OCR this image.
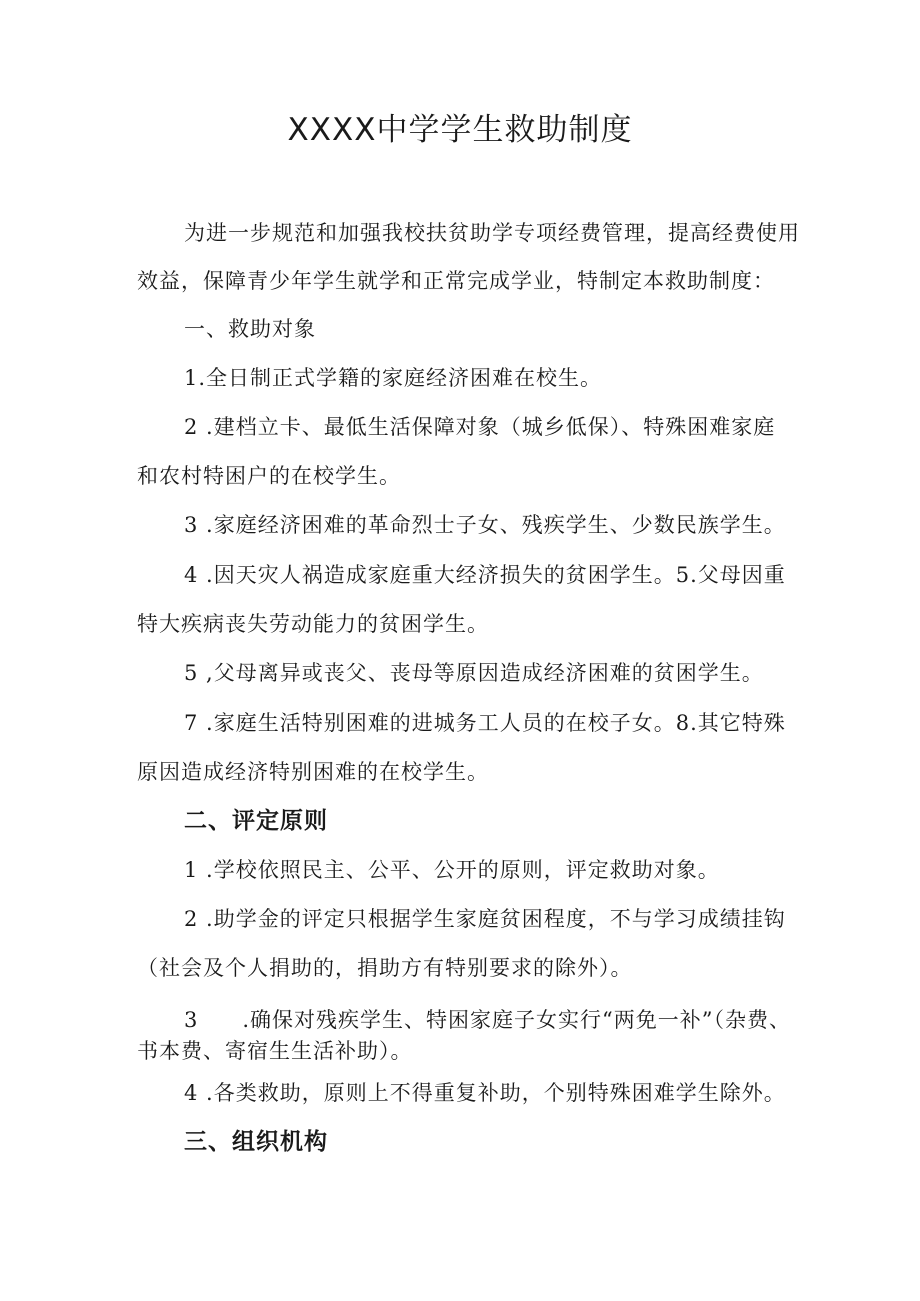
XXXX中学学生救助制度
为进一步规范和加强我校扶贫助学专项经费管理，提高经费使用
效益，保障青少年学生就学和正常完成学业，特制定本救助制度：
一、救助对象
1.全日制正式学籍的家庭经济困难在校生。
2 .建档立卡、最低生活保障对象（城乡低保）、特殊困难家庭
和农村特困户的在校学生。
3 .家庭经济困难的革命烈士子女、残疾学生、少数民族学生。
4 .因天灾人祸造成家庭重大经济损失的贫困学生。5.父母因重
特大疾病丧失劳动能力的贫困学生。
5 ,父母离异或丧父、丧母等原因造成经济困难的贫困学生。
7 .家庭生活特别困难的进城务工人员的在校子女。8.其它特殊
原因造成经济特别困难的在校学生。
二、评定原则
1 .学校依照民主、公平、公开的原则，评定救助对象。
2 .助学金的评定只根据学生家庭贫困程度，不与学习成绩挂钩
（社会及个人捐助的，捐助方有特别要求的除外）。
3　　.确保对残疾学生、特困家庭子女实行“两免一补”（杂费、
书本费、寄宿生生活补助）。
4 .各类救助，原则上不得重复补助，个别特殊困难学生除外。
三、组织机构
